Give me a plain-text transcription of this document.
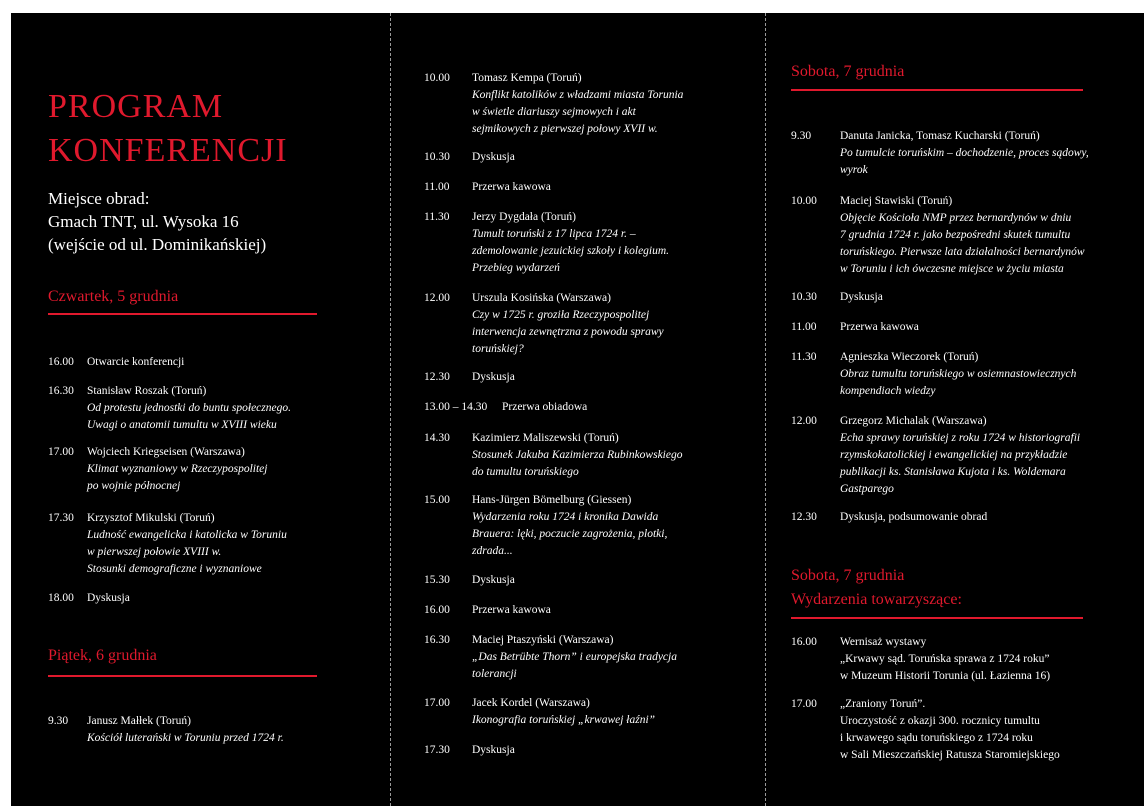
PROGRAM
KONFERENCJI
Miejsce obrad:
Gmach TNT, ul. Wysoka 16
(wejście od ul. Dominikańskiej)
Czwartek, 5 grudnia
16.00 Otwarcie konferencji
16.30 Stanisław Roszak (Toruń)
Od protestu jednostki do buntu społecznego.
Uwagi o anatomii tumultu w XVIII wieku
17.00 Wojciech Kriegseisen (Warszawa)
Klimat wyznaniowy w Rzeczypospolitej
po wojnie północnej
17.30 Krzysztof Mikulski (Toruń)
Ludność ewangelicka i katolicka w Toruniu
w pierwszej połowie XVIII w.
Stosunki demograficzne i wyznaniowe
18.00 Dyskusja
Piątek, 6 grudnia
9.30 Janusz Małłek (Toruń)
Kościół luterański w Toruniu przed 1724 r.
10.00 Tomasz Kempa (Toruń)
Konflikt katolików z władzami miasta Torunia
w świetle diariuszy sejmowych i akt
sejmikowych z pierwszej połowy XVII w.
10.30 Dyskusja
11.00 Przerwa kawowa
11.30 Jerzy Dygdała (Toruń)
Tumult toruński z 17 lipca 1724 r. –
zdemolowanie jezuickiej szkoły i kolegium.
Przebieg wydarzeń
12.00 Urszula Kosińska (Warszawa)
Czy w 1725 r. groziła Rzeczypospolitej
interwencja zewnętrzna z powodu sprawy
toruńskiej?
12.30 Dyskusja
13.00 – 14.30 Przerwa obiadowa
14.30 Kazimierz Maliszewski (Toruń)
Stosunek Jakuba Kazimierza Rubinkowskiego
do tumultu toruńskiego
15.00 Hans-Jürgen Bömelburg (Giessen)
Wydarzenia roku 1724 i kronika Dawida
Brauera: lęki, poczucie zagrożenia, plotki,
zdrada...
15.30 Dyskusja
16.00 Przerwa kawowa
16.30 Maciej Ptaszyński (Warszawa)
„Das Betrübte Thorn” i europejska tradycja
tolerancji
17.00 Jacek Kordel (Warszawa)
Ikonografia toruńskiej „krwawej łaźni”
17.30 Dyskusja
Sobota, 7 grudnia
9.30	Danuta Janicka, Tomasz Kucharski (Toruń)
Po tumulcie toruńskim – dochodzenie, proces sądowy,
wyrok
10.00 Maciej Stawiski (Toruń)
Objęcie Kościoła NMP przez bernardynów w dniu
7 grudnia 1724 r. jako bezpośredni skutek tumultu
toruńskiego. Pierwsze lata działalności bernardynów
w Toruniu i ich ówczesne miejsce w życiu miasta
10.30 Dyskusja
11.00 Przerwa kawowa
11.30 Agnieszka Wieczorek (Toruń)
Obraz tumultu toruńskiego w osiemnastowiecznych
kompendiach wiedzy
12.00 Grzegorz Michalak (Warszawa)
Echa sprawy toruńskiej z roku 1724 w historiografii
rzymskokatolickiej i ewangelickiej na przykładzie
publikacji ks. Stanisława Kujota i ks. Woldemara
Gastparego
12.30 Dyskusja, podsumowanie obrad
Sobota, 7 grudnia
Wydarzenia towarzyszące:
16.00 Wernisaż wystawy
„Krwawy sąd. Toruńska sprawa z 1724 roku”
w Muzeum Historii Torunia (ul. Łazienna 16)
17.00 „Zraniony Toruń”.
Uroczystość z okazji 300. rocznicy tumultu
i krwawego sądu toruńskiego z 1724 roku
w Sali Mieszczańskiej Ratusza Staromiejskiego
